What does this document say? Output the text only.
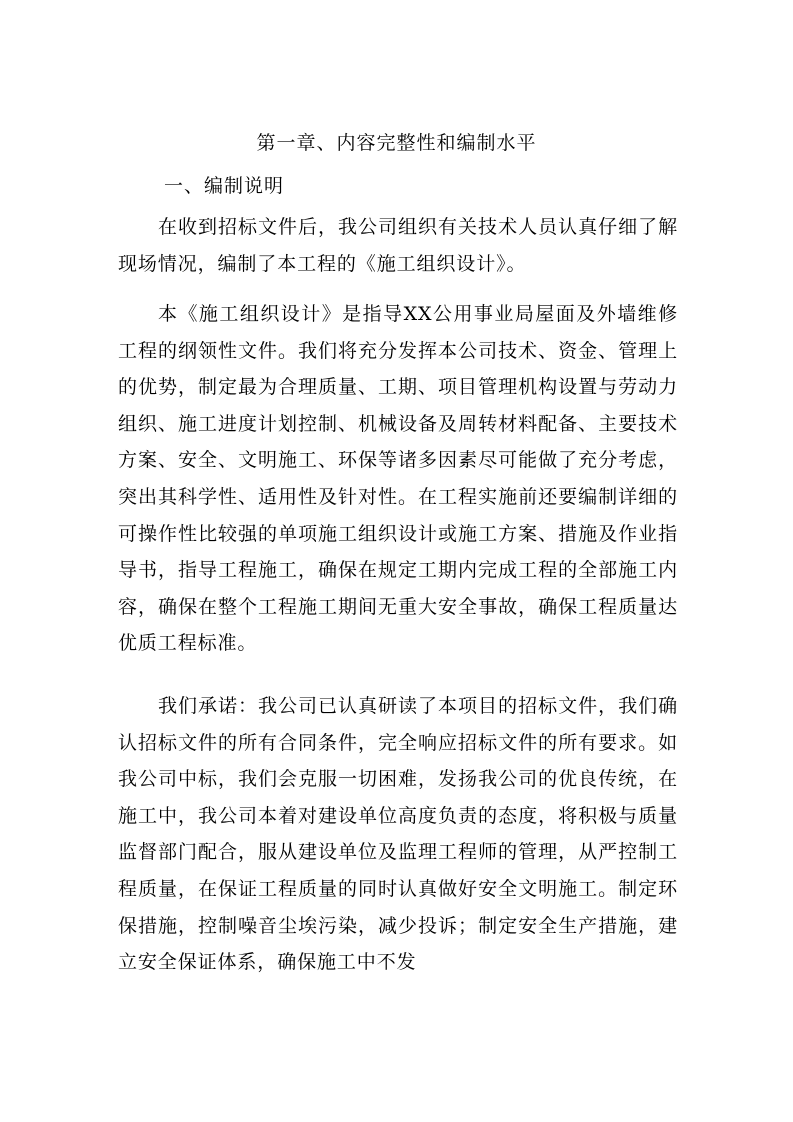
第一章、内容完整性和编制水平
一、编制说明

在收到招标文件后，我公司组织有关技术人员认真仔细了解现场情况，编制了本工程的《施工组织设计》。

本《施工组织设计》是指导XX公用事业局屋面及外墙维修工程的纲领性文件。我们将充分发挥本公司技术、资金、管理上的优势，制定最为合理质量、工期、项目管理机构设置与劳动力组织、施工进度计划控制、机械设备及周转材料配备、主要技术方案、安全、文明施工、环保等诸多因素尽可能做了充分考虑，突出其科学性、适用性及针对性。在工程实施前还要编制详细的可操作性比较强的单项施工组织设计或施工方案、措施及作业指导书，指导工程施工，确保在规定工期内完成工程的全部施工内容，确保在整个工程施工期间无重大安全事故，确保工程质量达优质工程标准。

我们承诺：我公司已认真研读了本项目的招标文件，我们确认招标文件的所有合同条件，完全响应招标文件的所有要求。如我公司中标，我们会克服一切困难，发扬我公司的优良传统，在施工中，我公司本着对建设单位高度负责的态度，将积极与质量监督部门配合，服从建设单位及监理工程师的管理，从严控制工程质量，在保证工程质量的同时认真做好安全文明施工。制定环保措施，控制噪音尘埃污染，减少投诉；制定安全生产措施，建立安全保证体系，确保施工中不发
